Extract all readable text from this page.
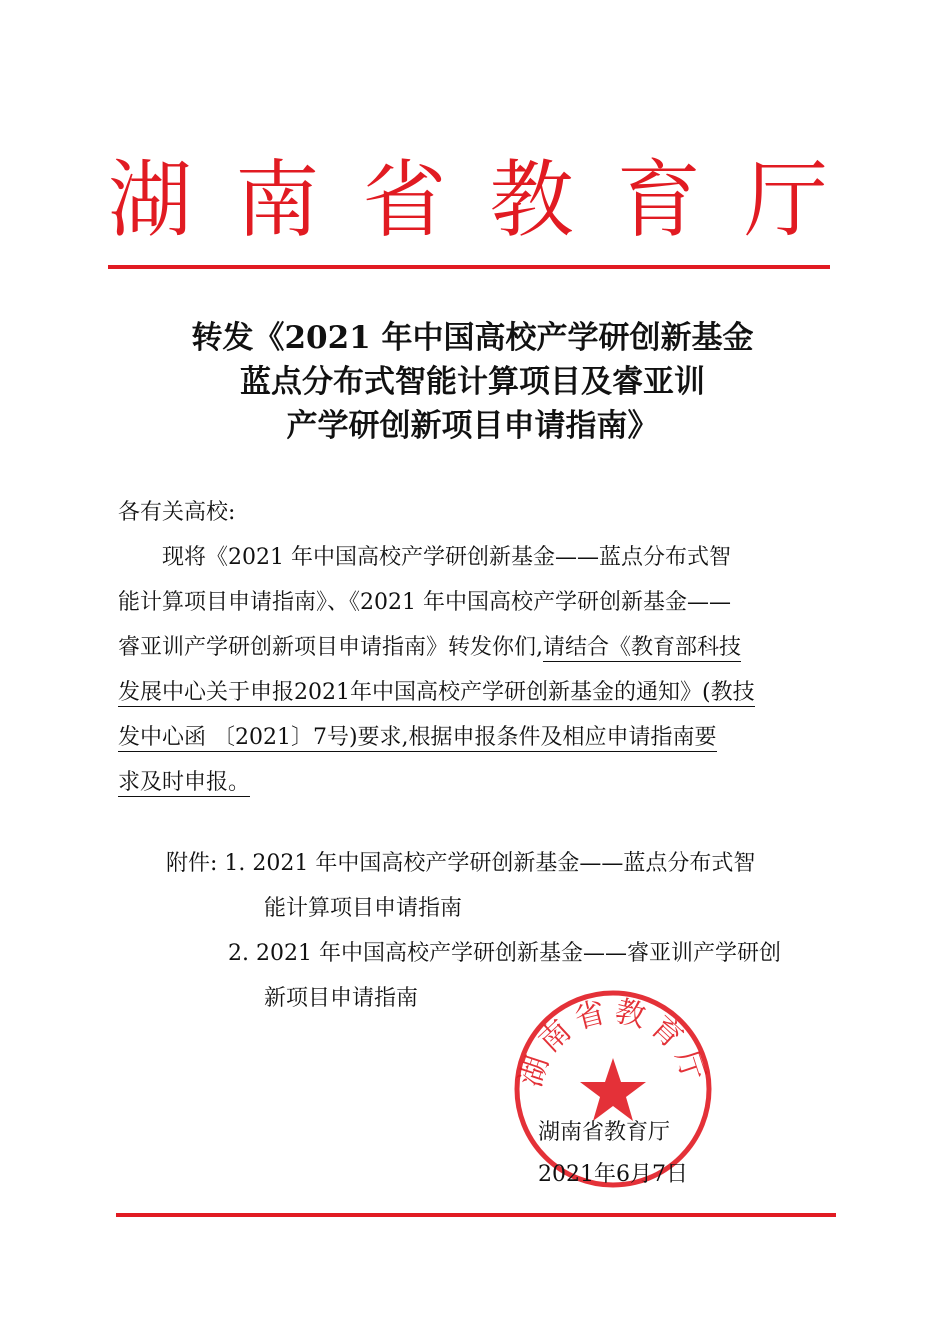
湖 南 省 教 育 厅
转发《2021 年中国高校产学研创新基金
蓝点分布式智能计算项目及睿亚训
产学研创新项目申请指南》
各有关高校:
现将《2021 年中国高校产学研创新基金——蓝点分布式智
能计算项目申请指南》、《2021 年中国高校产学研创新基金——
睿亚训产学研创新项目申请指南》转发你们,请结合《教育部科技
发展中心关于申报2021年中国高校产学研创新基金的通知》(教技
发中心函 〔2021〕7号)要求,根据申报条件及相应申请指南要
求及时申报。
附件: 1. 2021 年中国高校产学研创新基金——蓝点分布式智
能计算项目申请指南
2. 2021 年中国高校产学研创新基金——睿亚训产学研创
新项目申请指南
湖南省教育厅
湖南省教育厅
2021年6月7日
